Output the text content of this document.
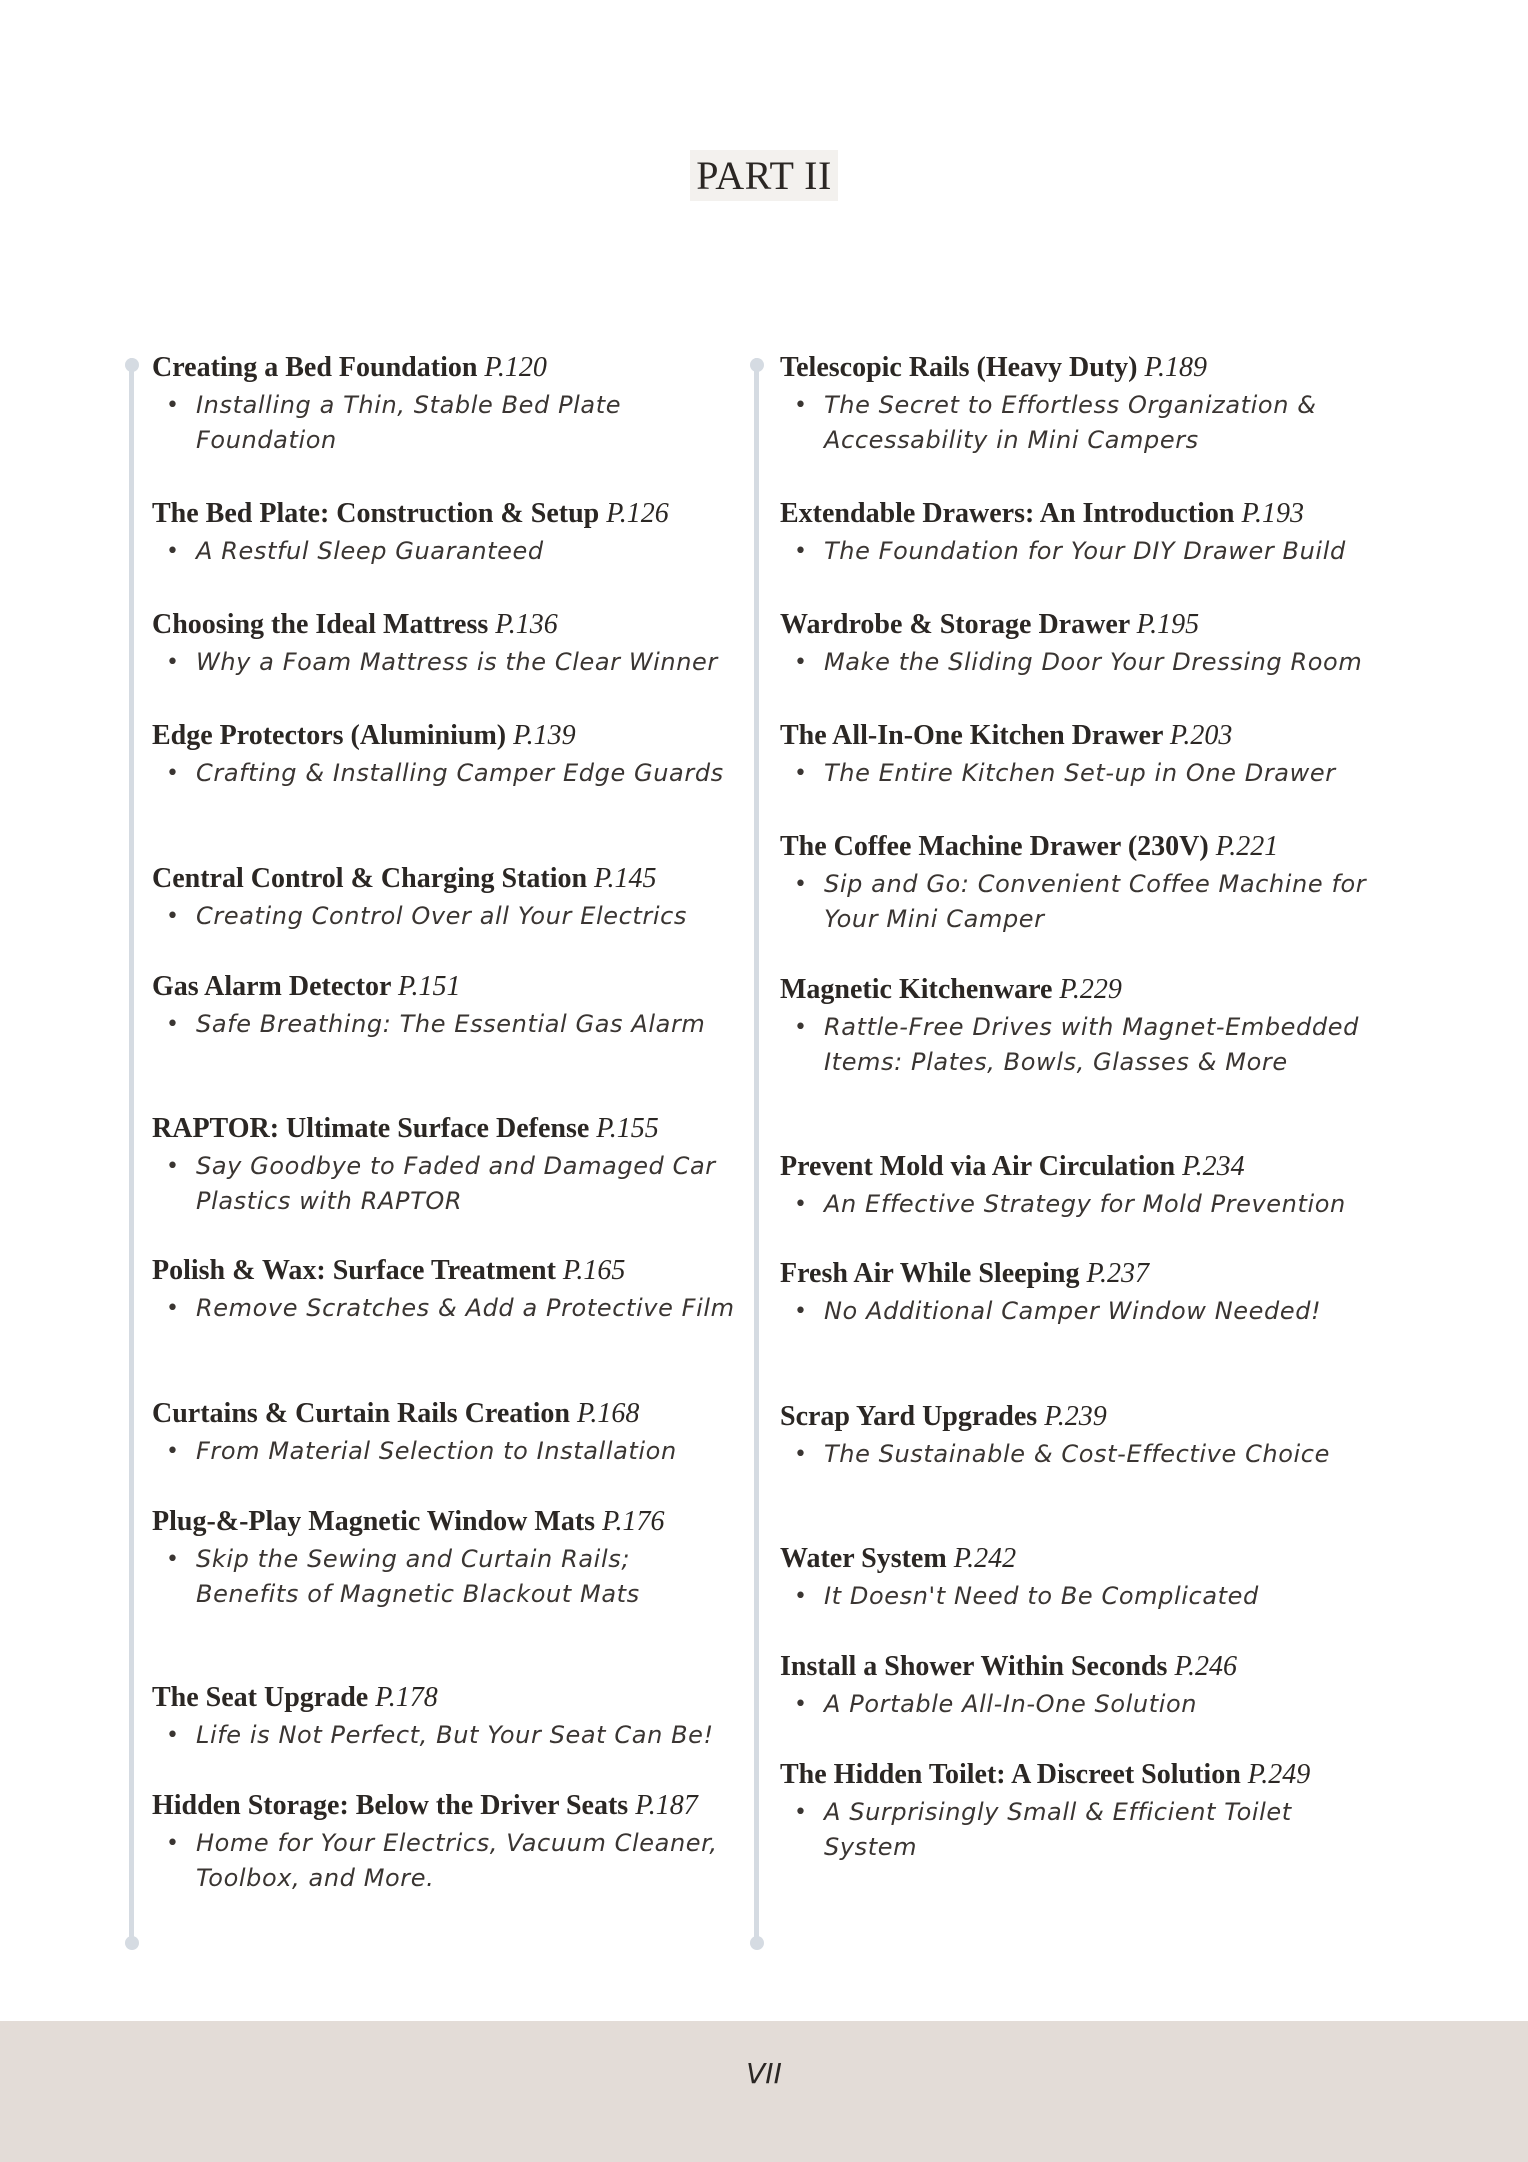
PART II
Creating a Bed Foundation P.120
• Installing a Thin, Stable Bed Plate
Foundation
The Bed Plate: Construction & Setup P.126
• A Restful Sleep Guaranteed
Choosing the Ideal Mattress P.136
• Why a Foam Mattress is the Clear Winner
Edge Protectors (Aluminium) P.139
• Crafting & Installing Camper Edge Guards
Central Control & Charging Station P.145
• Creating Control Over all Your Electrics
Gas Alarm Detector P.151
• Safe Breathing: The Essential Gas Alarm
RAPTOR: Ultimate Surface Defense P.155
• Say Goodbye to Faded and Damaged Car
Plastics with RAPTOR
Polish & Wax: Surface Treatment P.165
• Remove Scratches & Add a Protective Film
Curtains & Curtain Rails Creation P.168
• From Material Selection to Installation
Plug-&-Play Magnetic Window Mats P.176
• Skip the Sewing and Curtain Rails;
Benefits of Magnetic Blackout Mats
The Seat Upgrade P.178
• Life is Not Perfect, But Your Seat Can Be!
Hidden Storage: Below the Driver Seats P.187
• Home for Your Electrics, Vacuum Cleaner,
Toolbox, and More.
Telescopic Rails (Heavy Duty) P.189
• The Secret to Effortless Organization &
Accessability in Mini Campers
Extendable Drawers: An Introduction P.193
• The Foundation for Your DIY Drawer Build
Wardrobe & Storage Drawer P.195
• Make the Sliding Door Your Dressing Room
The All-In-One Kitchen Drawer P.203
• The Entire Kitchen Set-up in One Drawer
The Coffee Machine Drawer (230V) P.221
• Sip and Go: Convenient Coffee Machine for
Your Mini Camper
Magnetic Kitchenware P.229
• Rattle-Free Drives with Magnet-Embedded
Items: Plates, Bowls, Glasses & More
Prevent Mold via Air Circulation P.234
• An Effective Strategy for Mold Prevention
Fresh Air While Sleeping P.237
• No Additional Camper Window Needed!
Scrap Yard Upgrades P.239
• The Sustainable & Cost-Effective Choice
Water System P.242
• It Doesn't Need to Be Complicated
Install a Shower Within Seconds P.246
• A Portable All-In-One Solution
The Hidden Toilet: A Discreet Solution P.249
• A Surprisingly Small & Efficient Toilet
System
VII
